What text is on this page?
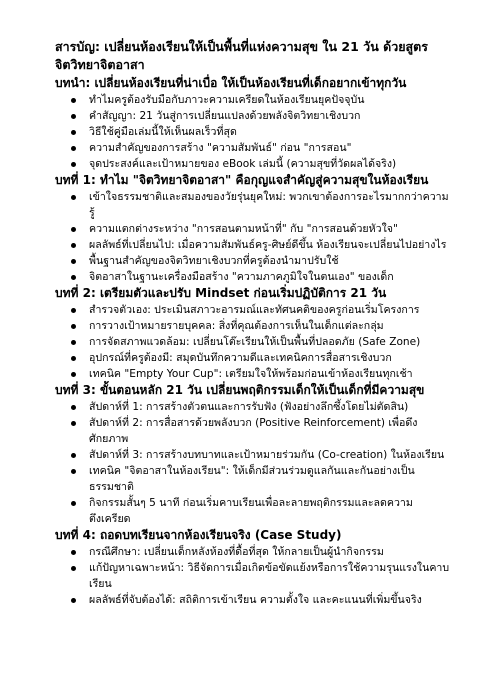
สารบัญ: เปลี่ยนห้องเรียนให้เป็นพื้นที่แห่งความสุข ใน 21 วัน ด้วยสูตรจิตวิทยาจิตอาสา
บทนำ: เปลี่ยนห้องเรียนที่น่าเบื่อ ให้เป็นห้องเรียนที่เด็กอยากเข้าทุกวัน
ทำไมครูต้องรับมือกับภาวะความเครียดในห้องเรียนยุคปัจจุบัน
คำสัญญา: 21 วันสู่การเปลี่ยนแปลงด้วยพลังจิตวิทยาเชิงบวก
วิธีใช้คู่มือเล่มนี้ให้เห็นผลเร็วที่สุด
ความสำคัญของการสร้าง "ความสัมพันธ์" ก่อน "การสอน"
จุดประสงค์และเป้าหมายของ eBook เล่มนี้ (ความสุขที่วัดผลได้จริง)
บทที่ 1: ทำไม "จิตวิทยาจิตอาสา" คือกุญแจสำคัญสู่ความสุขในห้องเรียน
เข้าใจธรรมชาติและสมองของวัยรุ่นยุคใหม่: พวกเขาต้องการอะไรมากกว่าความรู้
ความแตกต่างระหว่าง "การสอนตามหน้าที่" กับ "การสอนด้วยหัวใจ"
ผลลัพธ์ที่เปลี่ยนไป: เมื่อความสัมพันธ์ครู-ศิษย์ดีขึ้น ห้องเรียนจะเปลี่ยนไปอย่างไร
พื้นฐานสำคัญของจิตวิทยาเชิงบวกที่ครูต้องนำมาปรับใช้
จิตอาสาในฐานะเครื่องมือสร้าง "ความภาคภูมิใจในตนเอง" ของเด็ก
บทที่ 2: เตรียมตัวและปรับ Mindset ก่อนเริ่มปฏิบัติการ 21 วัน
สำรวจตัวเอง: ประเมินสภาวะอารมณ์และทัศนคติของครูก่อนเริ่มโครงการ
การวางเป้าหมายรายบุคคล: สิ่งที่คุณต้องการเห็นในเด็กแต่ละกลุ่ม
การจัดสภาพแวดล้อม: เปลี่ยนโต๊ะเรียนให้เป็นพื้นที่ปลอดภัย (Safe Zone)
อุปกรณ์ที่ครูต้องมี: สมุดบันทึกความดีและเทคนิคการสื่อสารเชิงบวก
เทคนิค "Empty Your Cup": เตรียมใจให้พร้อมก่อนเข้าห้องเรียนทุกเช้า
บทที่ 3: ขั้นตอนหลัก 21 วัน เปลี่ยนพฤติกรรมเด็กให้เป็นเด็กที่มีความสุข
สัปดาห์ที่ 1: การสร้างตัวตนและการรับฟัง (ฟังอย่างลึกซึ้งโดยไม่ตัดสิน)
สัปดาห์ที่ 2: การสื่อสารด้วยพลังบวก (Positive Reinforcement) เพื่อดึงศักยภาพ
สัปดาห์ที่ 3: การสร้างบทบาทและเป้าหมายร่วมกัน (Co-creation) ในห้องเรียน
เทคนิค "จิตอาสาในห้องเรียน": ให้เด็กมีส่วนร่วมดูแลกันและกันอย่างเป็นธรรมชาติ
กิจกรรมสั้นๆ 5 นาที ก่อนเริ่มคาบเรียนเพื่อละลายพฤติกรรมและลดความตึงเครียด
บทที่ 4: ถอดบทเรียนจากห้องเรียนจริง (Case Study)
กรณีศึกษา: เปลี่ยนเด็กหลังห้องที่ดื้อที่สุด ให้กลายเป็นผู้นำกิจกรรม
แก้ปัญหาเฉพาะหน้า: วิธีจัดการเมื่อเกิดข้อขัดแย้งหรือการใช้ความรุนแรงในคาบเรียน
ผลลัพธ์ที่จับต้องได้: สถิติการเข้าเรียน ความตั้งใจ และคะแนนที่เพิ่มขึ้นจริง
